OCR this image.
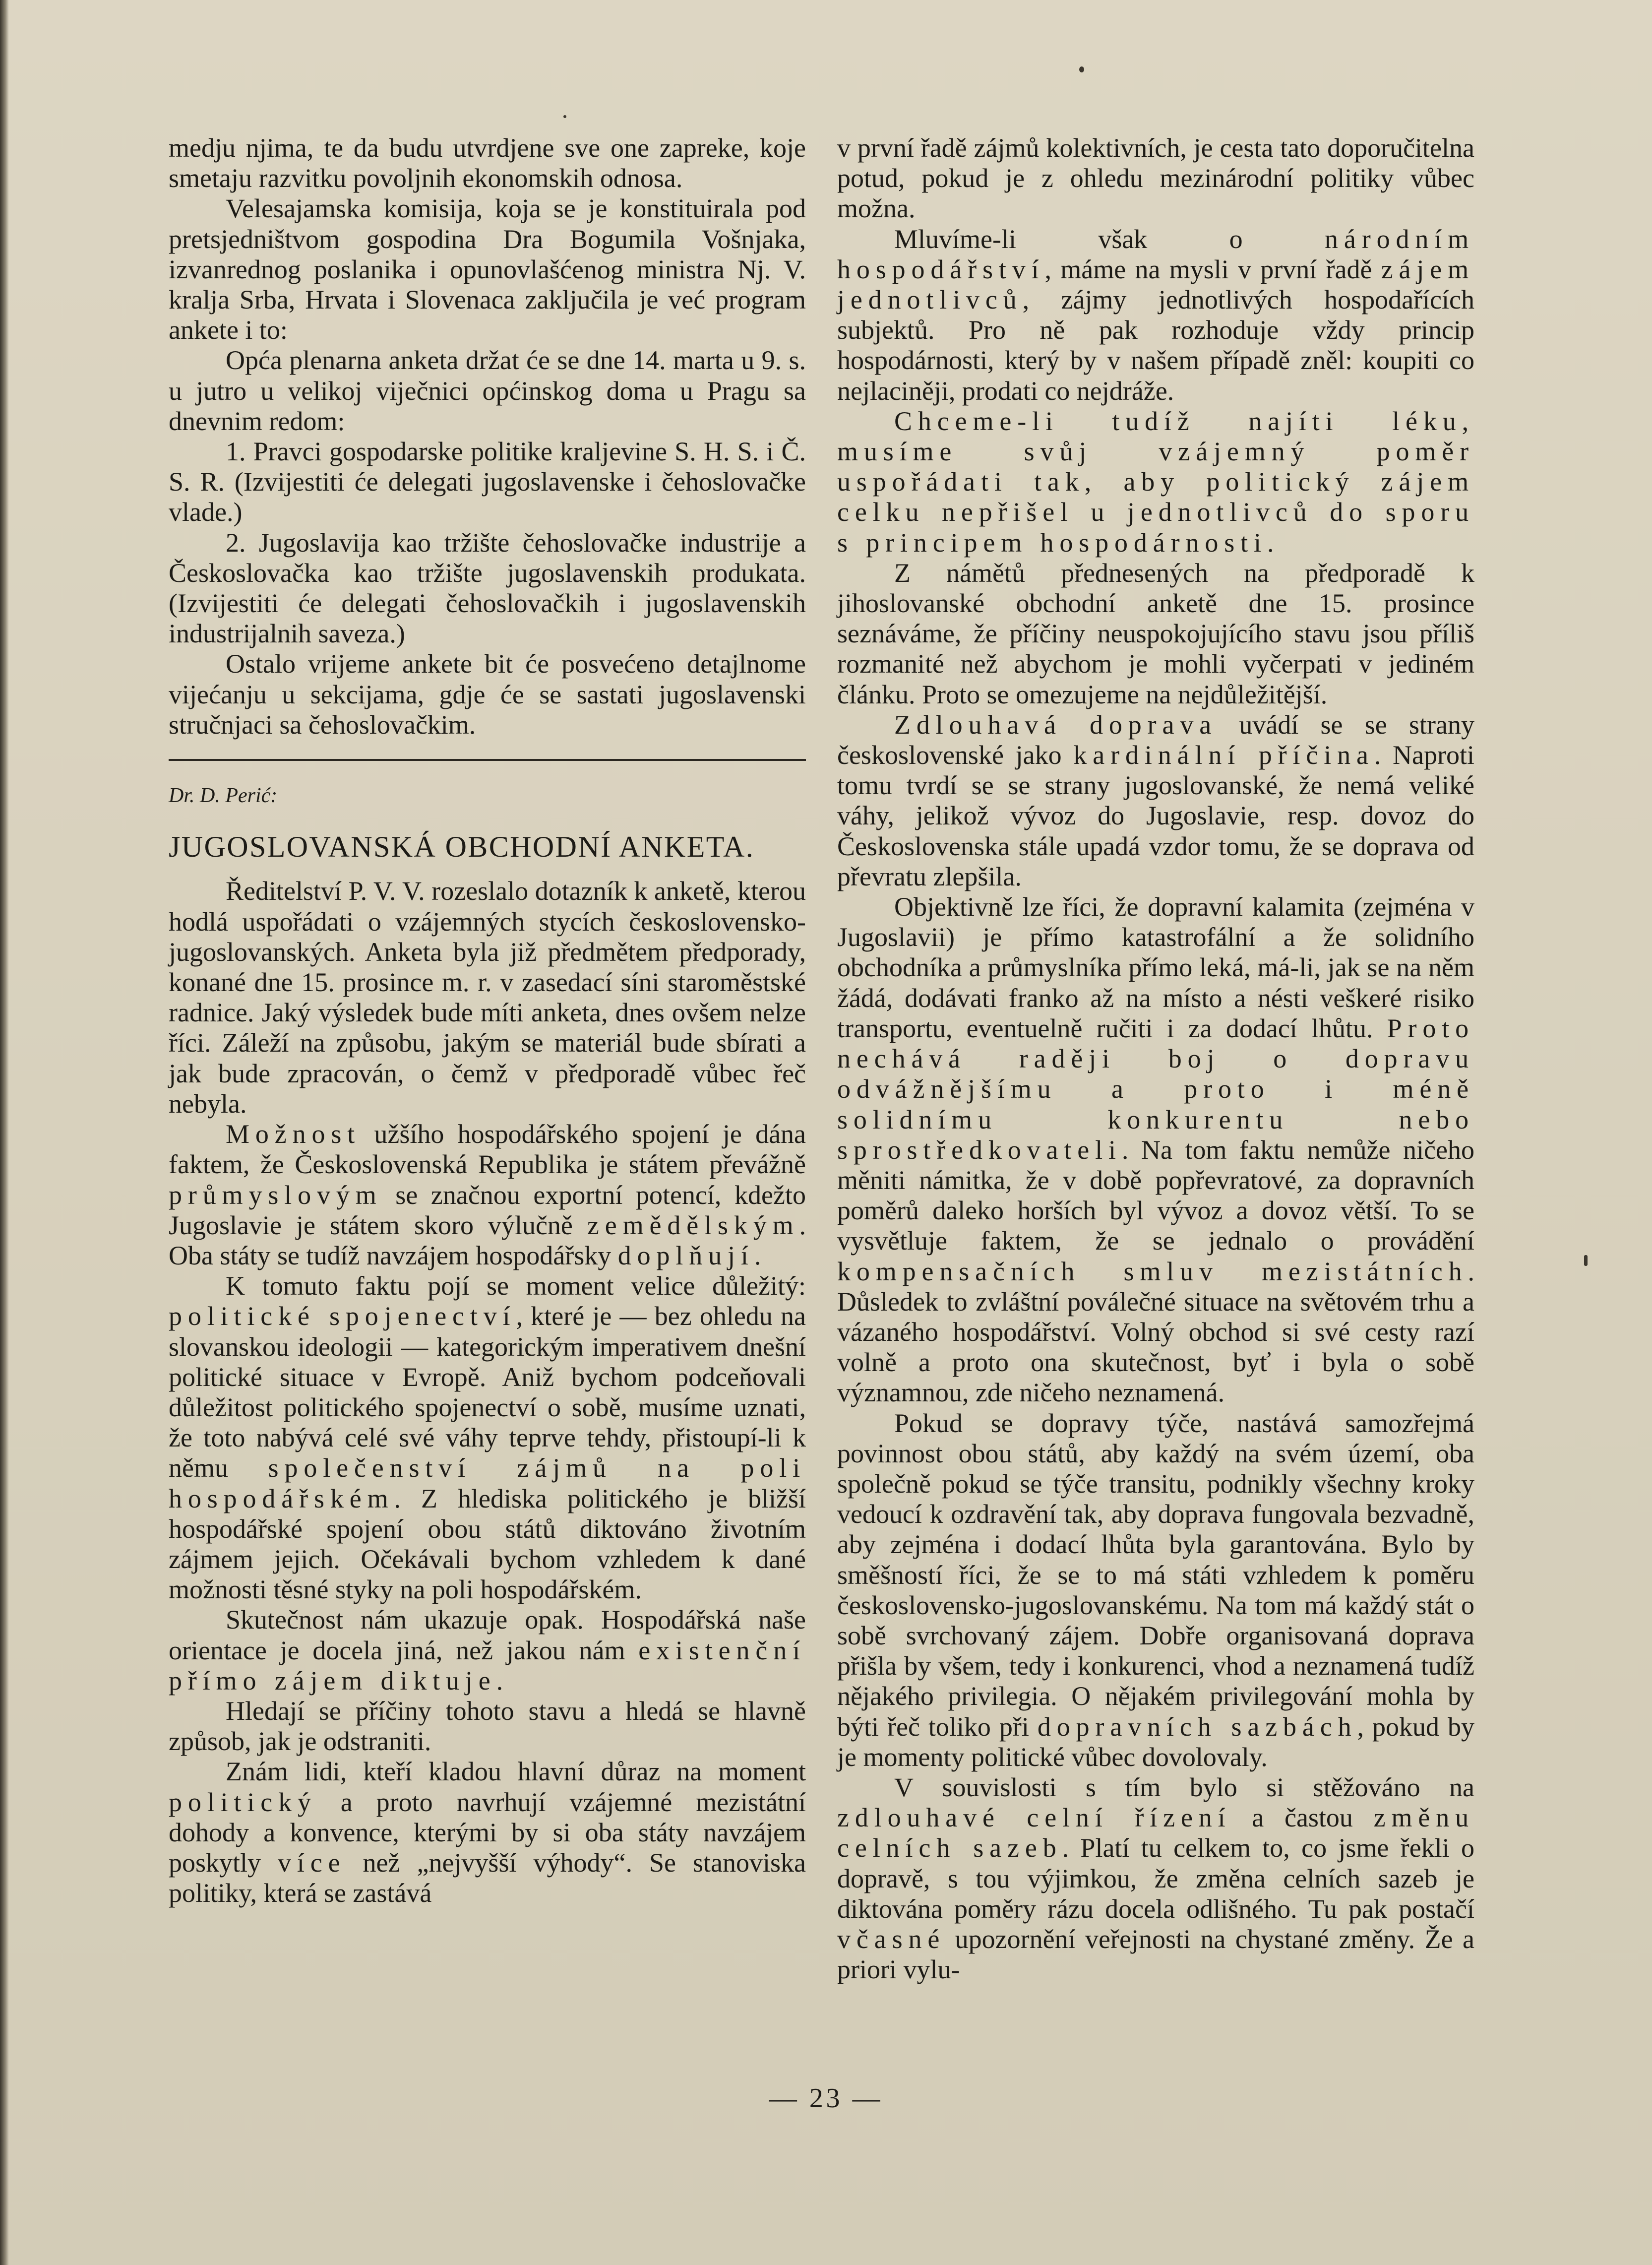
medju njima, te da budu utvrdjene sve one zapreke, koje smetaju razvitku povoljnih ekonomskih odnosa.

Velesajamska komisija, koja se je konstituirala pod pretsjedništvom gospodina Dra Bogumila Vošnjaka, izvanrednog poslanika i opunovlašćenog ministra Nj. V. kralja Srba, Hrvata i Slovenaca zaključila je već program ankete i to:

Opća plenarna anketa držat će se dne 14. marta u 9. s. u jutro u velikoj viječnici općinskog doma u Pragu sa dnevnim redom:

1. Pravci gospodarske politike kraljevine S. H. S. i Č. S. R. (Izvijestiti će delegati jugoslavenske i čehoslovačke vlade.)

2. Jugoslavija kao tržište čehoslovačke industrije a Českoslovačka kao tržište jugoslavenskih produkata. (Izvijestiti će delegati čehoslovačkih i jugoslavenskih industrijalnih saveza.)

Ostalo vrijeme ankete bit će posvećeno detajlnome vijećanju u sekcijama, gdje će se sastati jugoslavenski stručnjaci sa čehoslovačkim.

Dr. D. Perić:
JUGOSLOVANSKÁ OBCHODNÍ ANKETA.

Ředitelství P. V. V. rozeslalo dotazník k anketě, kterou hodlá uspořádati o vzájemných stycích československo-jugoslovanských. Anketa byla již předmětem předporady, konané dne 15. prosince m. r. v zasedací síni staroměstské radnice. Jaký výsledek bude míti anketa, dnes ovšem nelze říci. Záleží na způsobu, jakým se materiál bude sbírati a jak bude zpracován, o čemž v předporadě vůbec řeč nebyla.

Možnost užšího hospodářského spojení je dána faktem, že Československá Republika je státem převážně průmyslovým se značnou exportní potencí, kdežto Jugoslavie je státem skoro výlučně zemědělským. Oba státy se tudíž navzájem hospodářsky doplňují.

K tomuto faktu pojí se moment velice důležitý: politické spojenectví, které je — bez ohledu na slovanskou ideologii — kategorickým imperativem dnešní politické situace v Evropě. Aniž bychom podceňovali důležitost politického spojenectví o sobě, musíme uznati, že toto nabývá celé své váhy teprve tehdy, přistoupí-li k němu společenství zájmů na poli hospodářském. Z hlediska politického je bližší hospodářské spojení obou států diktováno životním zájmem jejich. Očekávali bychom vzhledem k dané možnosti těsné styky na poli hospodářském.

Skutečnost nám ukazuje opak. Hospodářská naše orientace je docela jiná, než jakou nám existenční přímo zájem diktuje.

Hledají se příčiny tohoto stavu a hledá se hlavně způsob, jak je odstraniti.

Znám lidi, kteří kladou hlavní důraz na moment politický a proto navrhují vzájemné mezistátní dohody a konvence, kterými by si oba státy navzájem poskytly více než „nejvyšší výhody“. Se stanoviska politiky, která se zastává

v první řadě zájmů kolektivních, je cesta tato doporučitelna potud, pokud je z ohledu mezinárodní politiky vůbec možna.

Mluvíme-li však o národním hospodářství, máme na mysli v první řadě zájem jednotlivců, zájmy jednotlivých hospodařících subjektů. Pro ně pak rozhoduje vždy princip hospodárnosti, který by v našem případě zněl: koupiti co nejlaciněji, prodati co nejdráže.

Chceme-li tudíž najíti léku, musíme svůj vzájemný poměr uspořádati tak, aby politický zájem celku nepřišel u jednotlivců do sporu s principem hospodárnosti.

Z námětů přednesených na předporadě k jihoslovanské obchodní anketě dne 15. prosince seznáváme, že příčiny neuspokojujícího stavu jsou příliš rozmanité než abychom je mohli vyčerpati v jediném článku. Proto se omezujeme na nejdůležitější.

Zdlouhavá doprava uvádí se se strany československé jako kardinální příčina. Naproti tomu tvrdí se se strany jugoslovanské, že nemá veliké váhy, jelikož vývoz do Jugoslavie, resp. dovoz do Československa stále upadá vzdor tomu, že se doprava od převratu zlepšila.

Objektivně lze říci, že dopravní kalamita (zejména v Jugoslavii) je přímo katastrofální a že solidního obchodníka a průmyslníka přímo leká, má-li, jak se na něm žádá, dodávati franko až na místo a nésti veškeré risiko transportu, eventuelně ručiti i za dodací lhůtu. Proto nechává raději boj o dopravu odvážnějšímu a proto i méně solidnímu konkurentu nebo sprostředkovateli. Na tom faktu nemůže ničeho měniti námitka, že v době popřevratové, za dopravních poměrů daleko horších byl vývoz a dovoz větší. To se vysvětluje faktem, že se jednalo o provádění kompensačních smluv mezistátních. Důsledek to zvláštní poválečné situace na světovém trhu a vázaného hospodářství. Volný obchod si své cesty razí volně a proto ona skutečnost, byť i byla o sobě významnou, zde ničeho neznamená.

Pokud se dopravy týče, nastává samozřejmá povinnost obou států, aby každý na svém území, oba společně pokud se týče transitu, podnikly všechny kroky vedoucí k ozdravění tak, aby doprava fungovala bezvadně, aby zejména i dodací lhůta byla garantována. Bylo by směšností říci, že se to má státi vzhledem k poměru československo-jugoslovanskému. Na tom má každý stát o sobě svrchovaný zájem. Dobře organisovaná doprava přišla by všem, tedy i konkurenci, vhod a neznamená tudíž nějakého privilegia. O nějakém privilegování mohla by býti řeč toliko při dopravních sazbách, pokud by je momenty politické vůbec dovolovaly.

V souvislosti s tím bylo si stěžováno na zdlouhavé celní řízení a častou změnu celních sazeb. Platí tu celkem to, co jsme řekli o dopravě, s tou výjimkou, že změna celních sazeb je diktována poměry rázu docela odlišného. Tu pak postačí včasné upozornění veřejnosti na chystané změny. Že a priori vylu-

— 23 —
